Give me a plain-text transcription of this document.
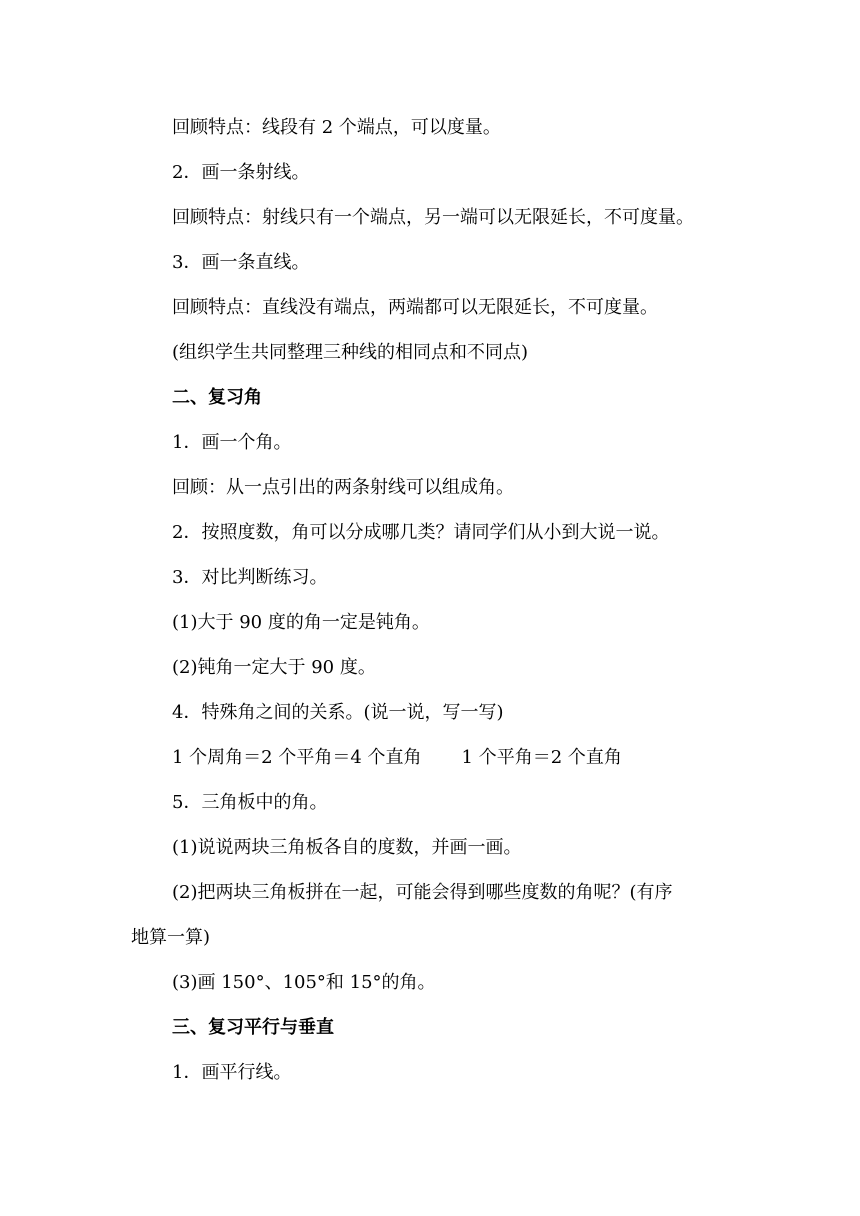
回顾特点：线段有 2 个端点，可以度量。
2．画一条射线。
回顾特点：射线只有一个端点，另一端可以无限延长，不可度量。
3．画一条直线。
回顾特点：直线没有端点，两端都可以无限延长，不可度量。
(组织学生共同整理三种线的相同点和不同点)
二、复习角
1．画一个角。
回顾：从一点引出的两条射线可以组成角。
2．按照度数，角可以分成哪几类？请同学们从小到大说一说。
3．对比判断练习。
(1)大于 90 度的角一定是钝角。
(2)钝角一定大于 90 度。
4．特殊角之间的关系。(说一说，写一写)
1 个周角＝2 个平角＝4 个直角 1 个平角＝2 个直角
5．三角板中的角。
(1)说说两块三角板各自的度数，并画一画。
(2)把两块三角板拼在一起，可能会得到哪些度数的角呢？(有序
地算一算)
(3)画 150°、105°和 15°的角。
三、复习平行与垂直
1．画平行线。
